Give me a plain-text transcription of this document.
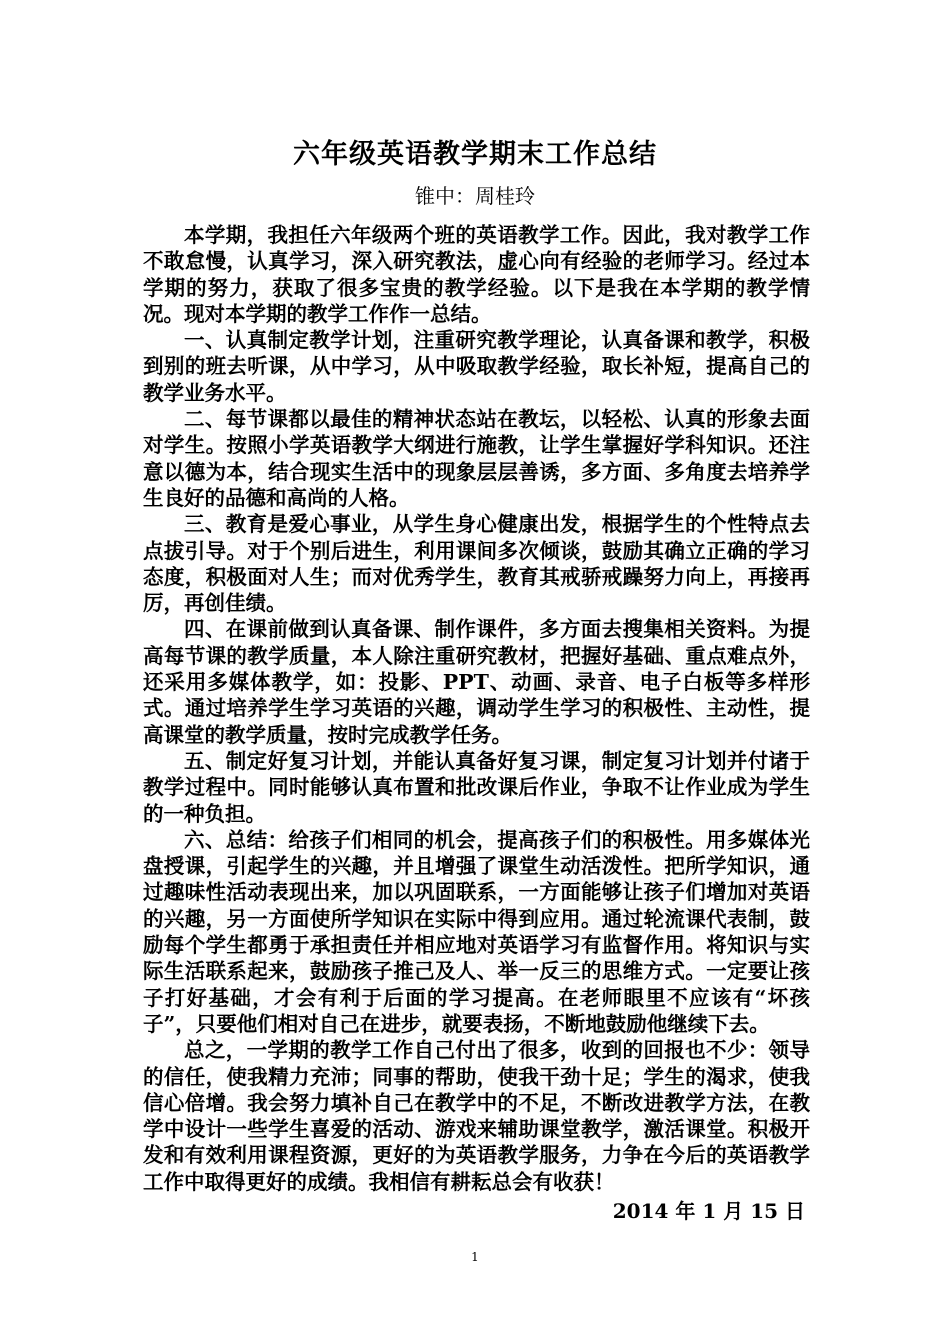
六年级英语教学期末工作总结
锥中：周桂玲

本学期，我担任六年级两个班的英语教学工作。因此，我对教学工作不敢怠慢，认真学习，深入研究教法，虚心向有经验的老师学习。经过本学期的努力，获取了很多宝贵的教学经验。以下是我在本学期的教学情况。现对本学期的教学工作作一总结。

一、认真制定教学计划，注重研究教学理论，认真备课和教学，积极到别的班去听课，从中学习，从中吸取教学经验，取长补短，提高自己的教学业务水平。

二、每节课都以最佳的精神状态站在教坛，以轻松、认真的形象去面对学生。按照小学英语教学大纲进行施教，让学生掌握好学科知识。还注意以德为本，结合现实生活中的现象层层善诱，多方面、多角度去培养学生良好的品德和高尚的人格。

三、教育是爱心事业，从学生身心健康出发，根据学生的个性特点去点拔引导。对于个别后进生，利用课间多次倾谈，鼓励其确立正确的学习态度，积极面对人生；而对优秀学生，教育其戒骄戒躁努力向上，再接再厉，再创佳绩。

四、在课前做到认真备课、制作课件，多方面去搜集相关资料。为提高每节课的教学质量，本人除注重研究教材，把握好基础、重点难点外，还采用多媒体教学，如：投影、PPT、动画、录音、电子白板等多样形式。通过培养学生学习英语的兴趣，调动学生学习的积极性、主动性，提高课堂的教学质量，按时完成教学任务。

五、制定好复习计划，并能认真备好复习课，制定复习计划并付诸于教学过程中。同时能够认真布置和批改课后作业，争取不让作业成为学生的一种负担。

六、总结：给孩子们相同的机会，提高孩子们的积极性。用多媒体光盘授课，引起学生的兴趣，并且增强了课堂生动活泼性。把所学知识，通过趣味性活动表现出来，加以巩固联系，一方面能够让孩子们增加对英语的兴趣，另一方面使所学知识在实际中得到应用。通过轮流课代表制，鼓励每个学生都勇于承担责任并相应地对英语学习有监督作用。将知识与实际生活联系起来，鼓励孩子推己及人、举一反三的思维方式。一定要让孩子打好基础，才会有利于后面的学习提高。在老师眼里不应该有“坏孩子”，只要他们相对自己在进步，就要表扬，不断地鼓励他继续下去。

总之，一学期的教学工作自己付出了很多，收到的回报也不少：领导的信任，使我精力充沛；同事的帮助，使我干劲十足；学生的渴求，使我信心倍增。我会努力填补自己在教学中的不足，不断改进教学方法，在教学中设计一些学生喜爱的活动、游戏来辅助课堂教学，激活课堂。积极开发和有效利用课程资源，更好的为英语教学服务，力争在今后的英语教学工作中取得更好的成绩。我相信有耕耘总会有收获！

2014 年 1 月 15 日
1
